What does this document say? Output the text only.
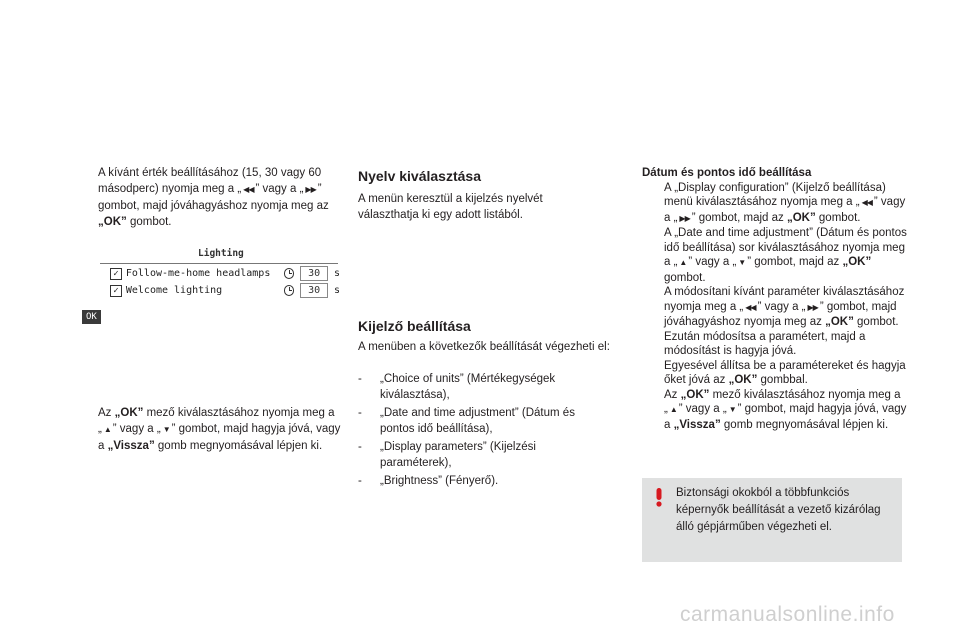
A kívánt érték beállításához (15, 30 vagy 60 másodperc) nyomja meg a „ ◀◀ ” vagy a „ ▶▶ ” gombot, majd jóváhagyáshoz nyomja meg az „OK” gombot.
Lighting
✓ Follow-me-home headlamps	30	s
✓ Welcome lighting	30	s
OK
Az „OK” mező kiválasztásához nyomja meg a „ ▲ ” vagy a „ ▼ ” gombot, majd hagyja jóvá, vagy a „Vissza” gomb megnyomásával lépjen ki.
Nyelv kiválasztása
A menün keresztül a kijelzés nyelvét választhatja ki egy adott listából.
Kijelző beállítása
A menüben a következők beállítását végezheti el:
- „Choice of units” (Mértékegységek kiválasztása),
- „Date and time adjustment” (Dátum és pontos idő beállítása),
- „Display parameters” (Kijelzési paraméterek),
- „Brightness” (Fényerő).
Dátum és pontos idő beállítása
A „Display configuration” (Kijelző beállítása) menü kiválasztásához nyomja meg a „ ◀◀ ” vagy a „ ▶▶ ” gombot, majd az „OK” gombot.
A „Date and time adjustment” (Dátum és pontos idő beállítása) sor kiválasztásához nyomja meg a „ ▲ ” vagy a „ ▼ ” gombot, majd az „OK” gombot.
A módosítani kívánt paraméter kiválasztásához nyomja meg a „ ◀◀ ” vagy a „ ▶▶ ” gombot, majd jóváhagyáshoz nyomja meg az „OK” gombot. Ezután módosítsa a paramétert, majd a módosítást is hagyja jóvá.
Egyesével állítsa be a paramétereket és hagyja őket jóvá az „OK” gombbal.
Az „OK” mező kiválasztásához nyomja meg a „ ▲ ” vagy a „ ▼ ” gombot, majd hagyja jóvá, vagy a „Vissza” gomb megnyomásával lépjen ki.
Biztonsági okokból a többfunkciós képernyők beállítását a vezető kizárólag álló gépjárműben végezheti el.
carmanualsonline.info
